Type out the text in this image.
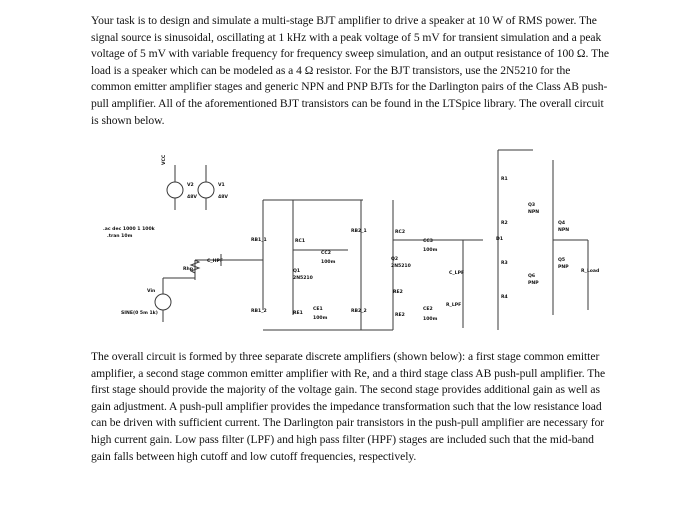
Your task is to design and simulate a multi-stage BJT amplifier to drive a speaker at 10 W of RMS power. The signal source is sinusoidal, oscillating at 1 kHz with a peak voltage of 5 mV for transient simulation and a peak voltage of 5 mV with variable frequency for frequency sweep simulation, and an output resistance of 100 Ω. The load is a speaker which can be modeled as a 4 Ω resistor. For the BJT transistors, use the 2N5210 for the common emitter amplifier stages and generic NPN and PNP BJTs for the Darlington pairs of the Class AB push-pull amplifier. All of the aforementioned BJT transistors can be found in the LTSpice library. The overall circuit is shown below.
.ac dec 1000 1 100k
.tran 10m
VCC
V2
48V
V1
48V
Vin
SINE(0 5m 1k)
Rhp
C_HPF
RB1_1
RB1_2
RC1
Q1
2N5210
RE1
CE1
100m
CC2
100m
RB2_1
RB2_2
RC2
Q2
2N5210
RE2
RE2
CE2
100m
CC3
100m
C_LPF
R_LPF
R1
R2
R3
R4
D1
Q3
NPN
Q4
NPN
Q5
PNP
Q6
PNP
R_Load
The overall circuit is formed by three separate discrete amplifiers (shown below): a first stage common emitter amplifier, a second stage common emitter amplifier with Re, and a third stage class AB push-pull amplifier. The first stage should provide the majority of the voltage gain. The second stage provides additional gain as well as gain adjustment. A push-pull amplifier provides the impedance transformation such that the low resistance load can be driven with sufficient current. The Darlington pair transistors in the push-pull amplifier are necessary for high current gain. Low pass filter (LPF) and high pass filter (HPF) stages are included such that the mid-band gain falls between high cutoff and low cutoff frequencies, respectively.
